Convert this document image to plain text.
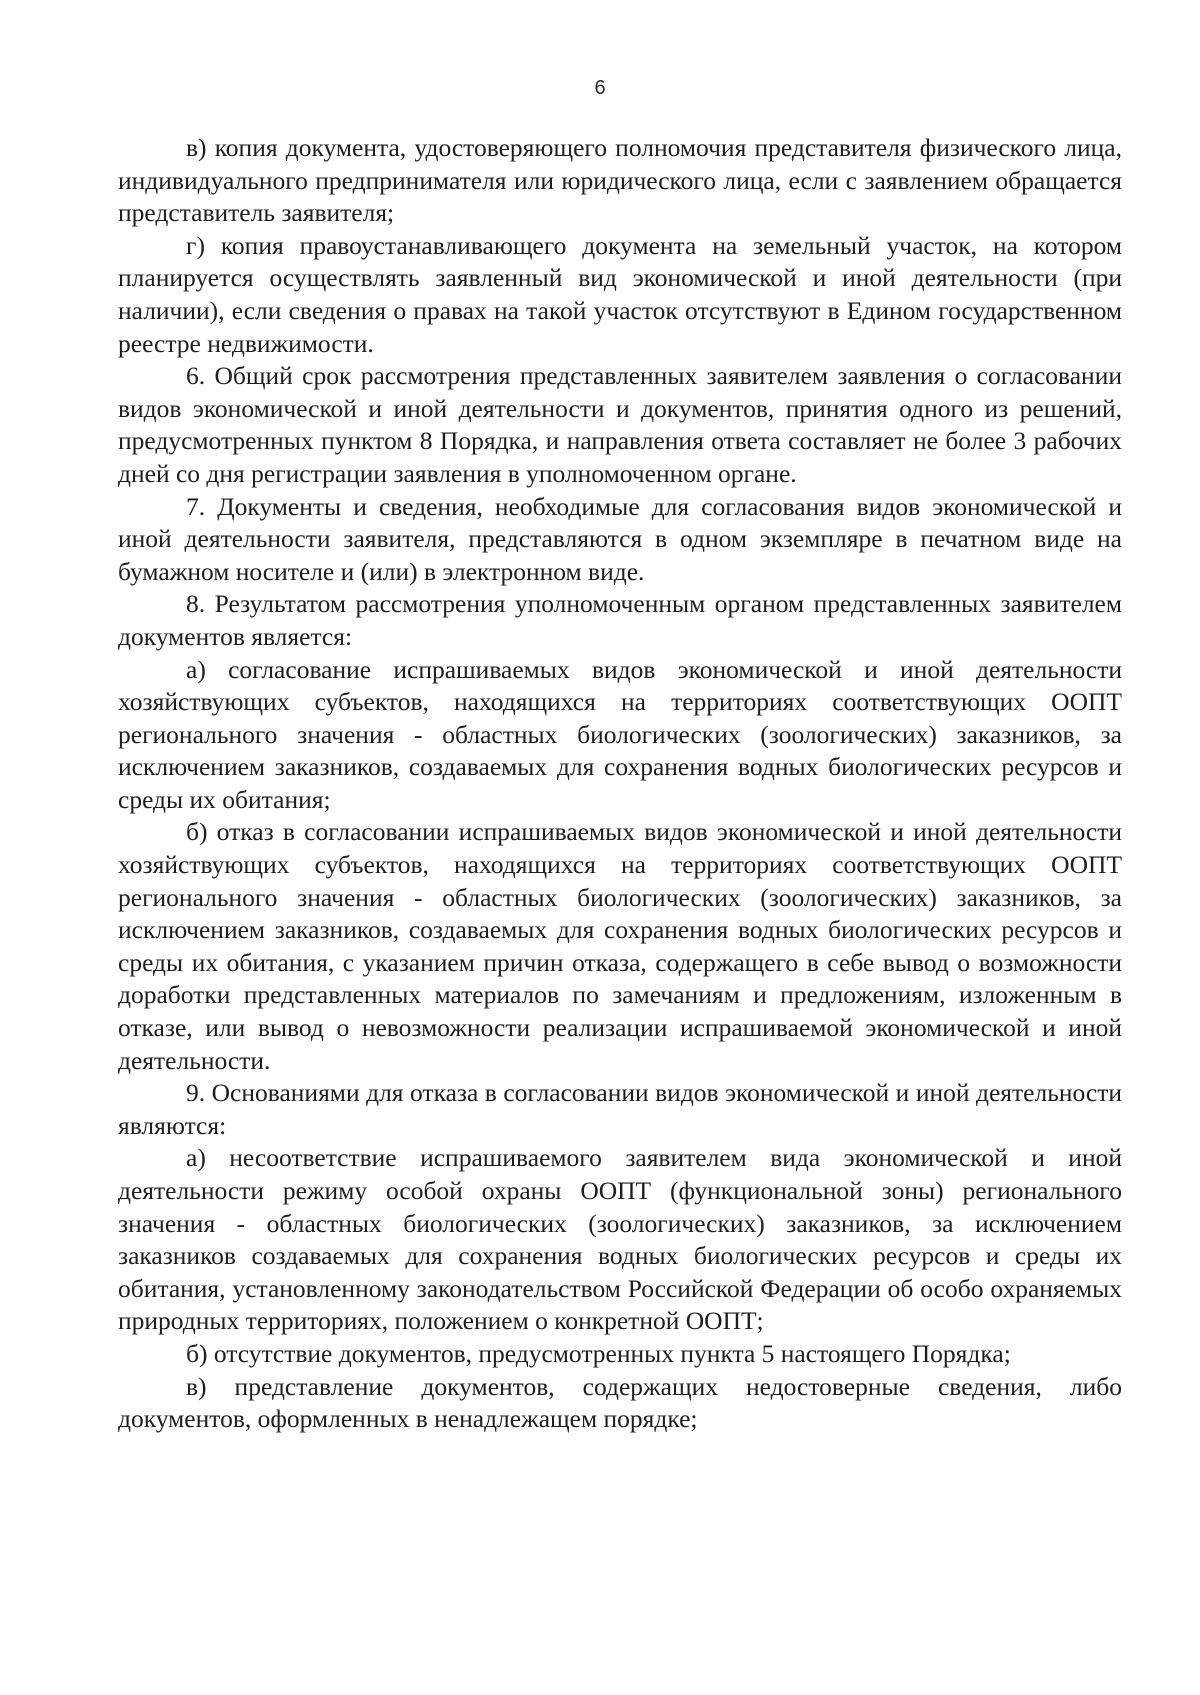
6

в) копия документа, удостоверяющего полномочия представителя физического лица, индивидуального предпринимателя или юридического лица, если с заявлением обращается представитель заявителя;

г) копия правоустанавливающего документа на земельный участок, на котором планируется осуществлять заявленный вид экономической и иной деятельности (при наличии), если сведения о правах на такой участок отсутствуют в Едином государственном реестре недвижимости.

6. Общий срок рассмотрения представленных заявителем заявления о согласовании видов экономической и иной деятельности и документов, принятия одного из решений, предусмотренных пунктом 8 Порядка, и направления ответа составляет не более 3 рабочих дней со дня регистрации заявления в уполномоченном органе.

7. Документы и сведения, необходимые для согласования видов экономической и иной деятельности заявителя, представляются в одном экземпляре в печатном виде на бумажном носителе и (или) в электронном виде.

8. Результатом рассмотрения уполномоченным органом представленных заявителем документов является:

а) согласование испрашиваемых видов экономической и иной деятельности хозяйствующих субъектов, находящихся на территориях соответствующих ООПТ регионального значения - областных биологических (зоологических) заказников, за исключением заказников, создаваемых для сохранения водных биологических ресурсов и среды их обитания;

б) отказ в согласовании испрашиваемых видов экономической и иной деятельности хозяйствующих субъектов, находящихся на территориях соответствующих ООПТ регионального значения - областных биологических (зоологических) заказников, за исключением заказников, создаваемых для сохранения водных биологических ресурсов и среды их обитания, с указанием причин отказа, содержащего в себе вывод о возможности доработки представленных материалов по замечаниям и предложениям, изложенным в отказе, или вывод о невозможности реализации испрашиваемой экономической и иной деятельности.

9. Основаниями для отказа в согласовании видов экономической и иной деятельности являются:

а) несоответствие испрашиваемого заявителем вида экономической и иной деятельности режиму особой охраны ООПТ (функциональной зоны) регионального значения - областных биологических (зоологических) заказников, за исключением заказников создаваемых для сохранения водных биологических ресурсов и среды их обитания, установленному законодательством Российской Федерации об особо охраняемых природных территориях, положением о конкретной ООПТ;

б) отсутствие документов, предусмотренных пункта 5 настоящего Порядка;

в) представление документов, содержащих недостоверные сведения, либо документов, оформленных в ненадлежащем порядке;
